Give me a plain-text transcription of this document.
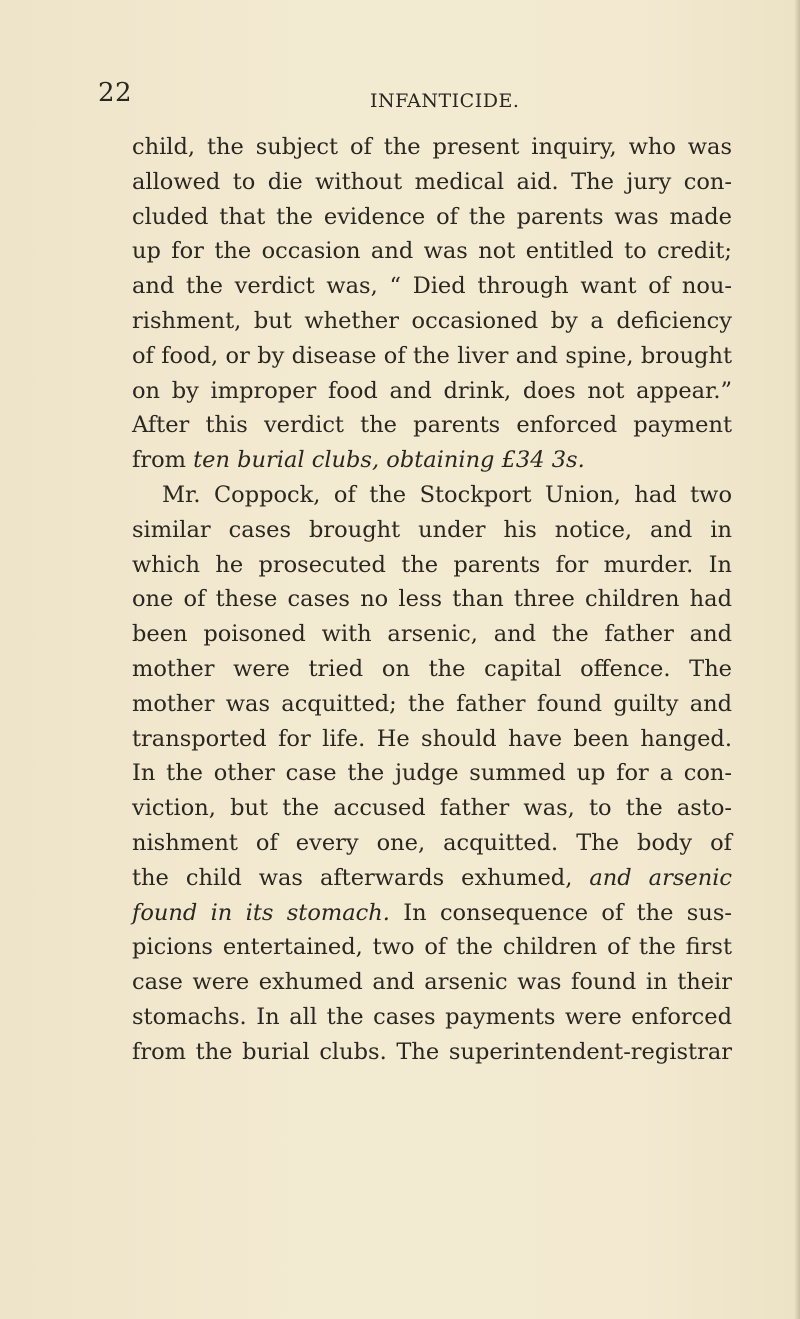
22	INFANTICIDE.
child, the subject of the present inquiry, who was
allowed to die without medical aid. The jury con-
cluded that the evidence of the parents was made
up for the occasion and was not entitled to credit;
and the verdict was, “ Died through want of nou-
rishment, but whether occasioned by a deficiency
of food, or by disease of the liver and spine, brought
on by improper food and drink, does not appear.”
After this verdict the parents enforced payment
from ten burial clubs, obtaining £34 3s.
Mr. Coppock, of the Stockport Union, had two
similar cases brought under his notice, and in
which he prosecuted the parents for murder. In
one of these cases no less than three children had
been poisoned with arsenic, and the father and
mother were tried on the capital offence. The
mother was acquitted; the father found guilty and
transported for life. He should have been hanged.
In the other case the judge summed up for a con-
viction, but the accused father was, to the asto-
nishment of every one, acquitted. The body of
the child was afterwards exhumed, and arsenic
found in its stomach. In consequence of the sus-
picions entertained, two of the children of the first
case were exhumed and arsenic was found in their
stomachs. In all the cases payments were enforced
from the burial clubs. The superintendent-registrar
